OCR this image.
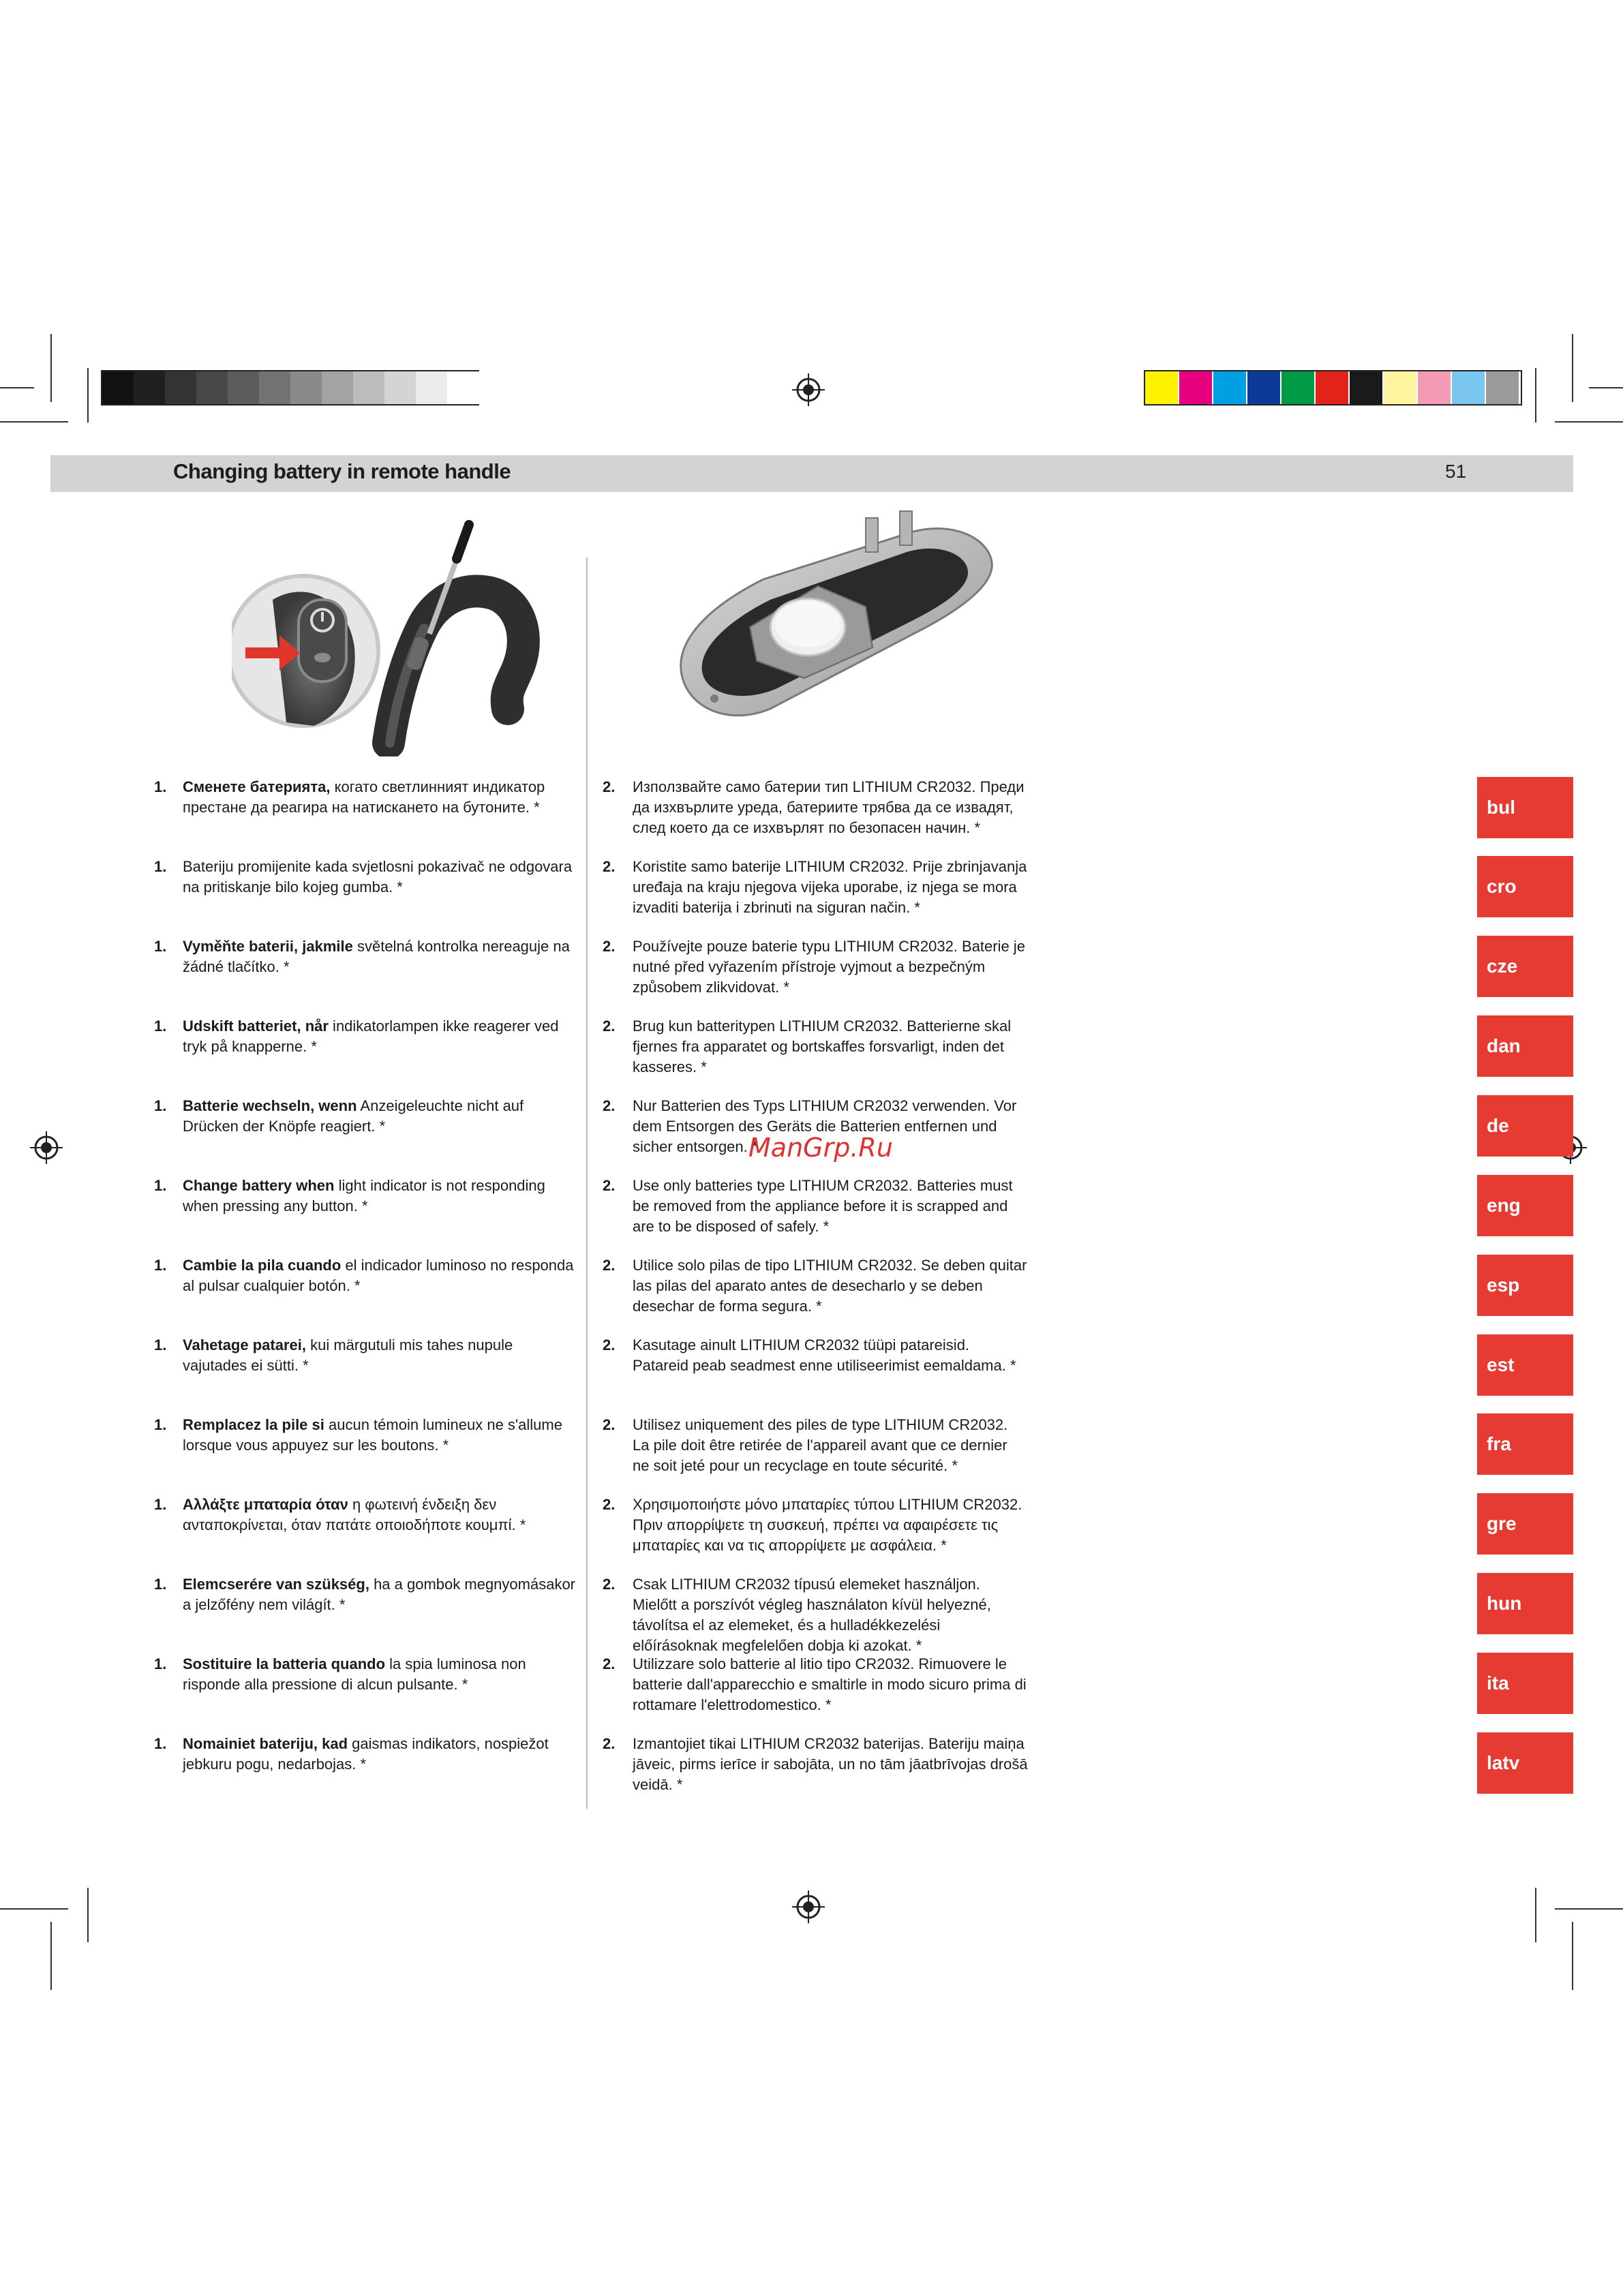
Changing battery in remote handle	51
1. Сменете батерията, когато светлинният индикатор престане да реагира на натискането на бутоните. *
2. Използвайте само батерии тип LITHIUM CR2032. Преди да изхвърлите уреда, батериите трябва да се извадят, след което да се изхвърлят по безопасен начин. *
bul
1. Bateriju promijenite kada svjetlosni pokazivač ne odgovara na pritiskanje bilo kojeg gumba. *
2. Koristite samo baterije LITHIUM CR2032. Prije zbrinjavanja uređaja na kraju njegova vijeka uporabe, iz njega se mora izvaditi baterija i zbrinuti na siguran način. *
cro
1. Vyměňte baterii, jakmile světelná kontrolka nereaguje na žádné tlačítko. *
2. Používejte pouze baterie typu LITHIUM CR2032. Baterie je nutné před vyřazením přístroje vyjmout a bezpečným způsobem zlikvidovat. *
cze
1. Udskift batteriet, når indikatorlampen ikke reagerer ved tryk på knapperne. *
2. Brug kun batteritypen LITHIUM CR2032. Batterierne skal fjernes fra apparatet og bortskaffes forsvarligt, inden det kasseres. *
dan
1. Batterie wechseln, wenn Anzeigeleuchte nicht auf Drücken der Knöpfe reagiert. *
2. Nur Batterien des Typs LITHIUM CR2032 verwenden. Vor dem Entsorgen des Geräts die Batterien entfernen und sicher entsorgen. *
de
1. Change battery when light indicator is not responding when pressing any button. *
2. Use only batteries type LITHIUM CR2032. Batteries must be removed from the appliance before it is scrapped and are to be disposed of safely. *
eng
1. Cambie la pila cuando el indicador luminoso no responda al pulsar cualquier botón. *
2. Utilice solo pilas de tipo LITHIUM CR2032. Se deben quitar las pilas del aparato antes de desecharlo y se deben desechar de forma segura. *
esp
1. Vahetage patarei, kui märgutuli mis tahes nupule vajutades ei sütti. *
2. Kasutage ainult LITHIUM CR2032 tüüpi patareisid. Patareid peab seadmest enne utiliseerimist eemaldama. *	est
1. Remplacez la pile si aucun témoin lumineux ne s'allume lorsque vous appuyez sur les boutons. *
2. Utilisez uniquement des piles de type LITHIUM CR2032. La pile doit être retirée de l'appareil avant que ce dernier ne soit jeté pour un recyclage en toute sécurité. *
fra
1. Αλλάξτε μπαταρία όταν η φωτεινή ένδειξη δεν ανταποκρίνεται, όταν πατάτε οποιοδήποτε κουμπί. *
2. Χρησιμοποιήστε μόνο μπαταρίες τύπου LITHIUM CR2032. Πριν απορρίψετε τη συσκευή, πρέπει να αφαιρέσετε τις μπαταρίες και να τις απορρίψετε με ασφάλεια. *
gre
1. Elemcserére van szükség, ha a gombok megnyomásakor a jelzőfény nem világít. *
2. Csak LITHIUM CR2032 típusú elemeket használjon. Mielőtt a porszívót végleg használaton kívül helyezné, távolítsa el az elemeket, és a hulladékkezelési előírásoknak megfelelően dobja ki azokat. *
hun
1. Sostituire la batteria quando la spia luminosa non risponde alla pressione di alcun pulsante. *
2. Utilizzare solo batterie al litio tipo CR2032. Rimuovere le batterie dall'apparecchio e smaltirle in modo sicuro prima di rottamare l'elettrodomestico. *
ita
1. Nomainiet bateriju, kad gaismas indikators, nospiežot jebkuru pogu, nedarbojas. *
2. Izmantojiet tikai LITHIUM CR2032 baterijas. Bateriju maiņa jāveic, pirms ierīce ir sabojāta, un no tām jāatbrīvojas drošā veidā. *
latv
ManGrp.Ru
